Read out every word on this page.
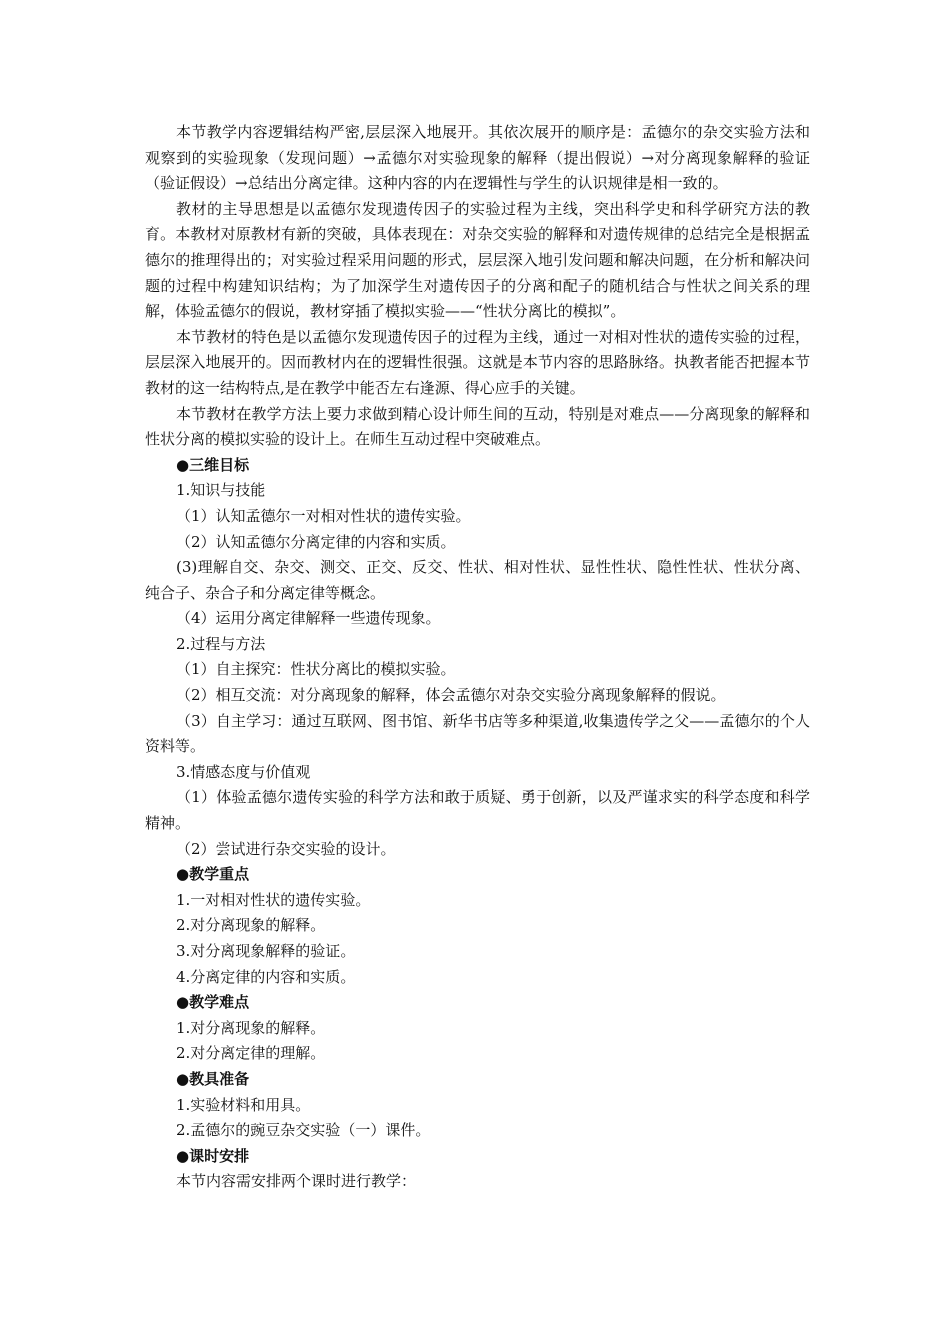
本节教学内容逻辑结构严密,层层深入地展开。其依次展开的顺序是：孟德尔的杂交实验方法和观察到的实验现象（发现问题）→孟德尔对实验现象的解释（提出假说）→对分离现象解释的验证（验证假设）→总结出分离定律。这种内容的内在逻辑性与学生的认识规律是相一致的。

教材的主导思想是以孟德尔发现遗传因子的实验过程为主线，突出科学史和科学研究方法的教育。本教材对原教材有新的突破，具体表现在：对杂交实验的解释和对遗传规律的总结完全是根据孟德尔的推理得出的；对实验过程采用问题的形式，层层深入地引发问题和解决问题，在分析和解决问题的过程中构建知识结构；为了加深学生对遗传因子的分离和配子的随机结合与性状之间关系的理解，体验孟德尔的假说，教材穿插了模拟实验——“性状分离比的模拟”。

本节教材的特色是以孟德尔发现遗传因子的过程为主线，通过一对相对性状的遗传实验的过程，层层深入地展开的。因而教材内在的逻辑性很强。这就是本节内容的思路脉络。执教者能否把握本节教材的这一结构特点,是在教学中能否左右逢源、得心应手的关键。

本节教材在教学方法上要力求做到精心设计师生间的互动，特别是对难点——分离现象的解释和性状分离的模拟实验的设计上。在师生互动过程中突破难点。

●三维目标

1.知识与技能

（1）认知孟德尔一对相对性状的遗传实验。

（2）认知孟德尔分离定律的内容和实质。

(3)理解自交、杂交、测交、正交、反交、性状、相对性状、显性性状、隐性性状、性状分离、纯合子、杂合子和分离定律等概念。

（4）运用分离定律解释一些遗传现象。

2.过程与方法

（1）自主探究：性状分离比的模拟实验。

（2）相互交流：对分离现象的解释，体会孟德尔对杂交实验分离现象解释的假说。

（3）自主学习：通过互联网、图书馆、新华书店等多种渠道,收集遗传学之父——孟德尔的个人资料等。

3.情感态度与价值观

（1）体验孟德尔遗传实验的科学方法和敢于质疑、勇于创新，以及严谨求实的科学态度和科学精神。

（2）尝试进行杂交实验的设计。

●教学重点

1.一对相对性状的遗传实验。

2.对分离现象的解释。

3.对分离现象解释的验证。

4.分离定律的内容和实质。

●教学难点

1.对分离现象的解释。

2.对分离定律的理解。

●教具准备

1.实验材料和用具。

2.孟德尔的豌豆杂交实验（一）课件。

●课时安排

本节内容需安排两个课时进行教学：
